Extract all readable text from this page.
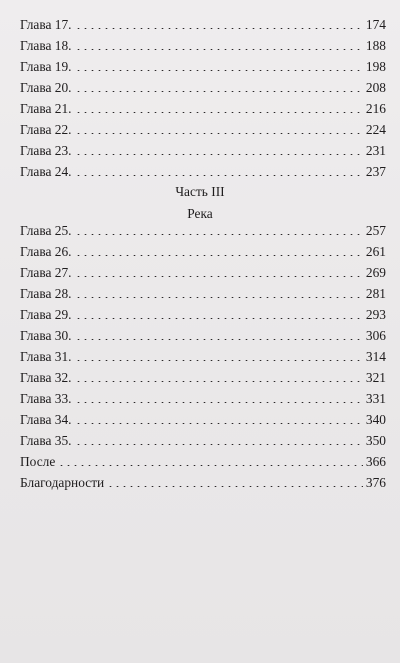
Глава 17.	174
Глава 18.	188
Глава 19.	198
Глава 20.	208
Глава 21.	216
Глава 22.	224
Глава 23.	231
Глава 24.	237
Часть III
Река
Глава 25.	257
Глава 26.	261
Глава 27.	269
Глава 28.	281
Глава 29.	293
Глава 30.	306
Глава 31.	314
Глава 32.	321
Глава 33.	331
Глава 34.	340
Глава 35.	350
После	366
Благодарности	376
